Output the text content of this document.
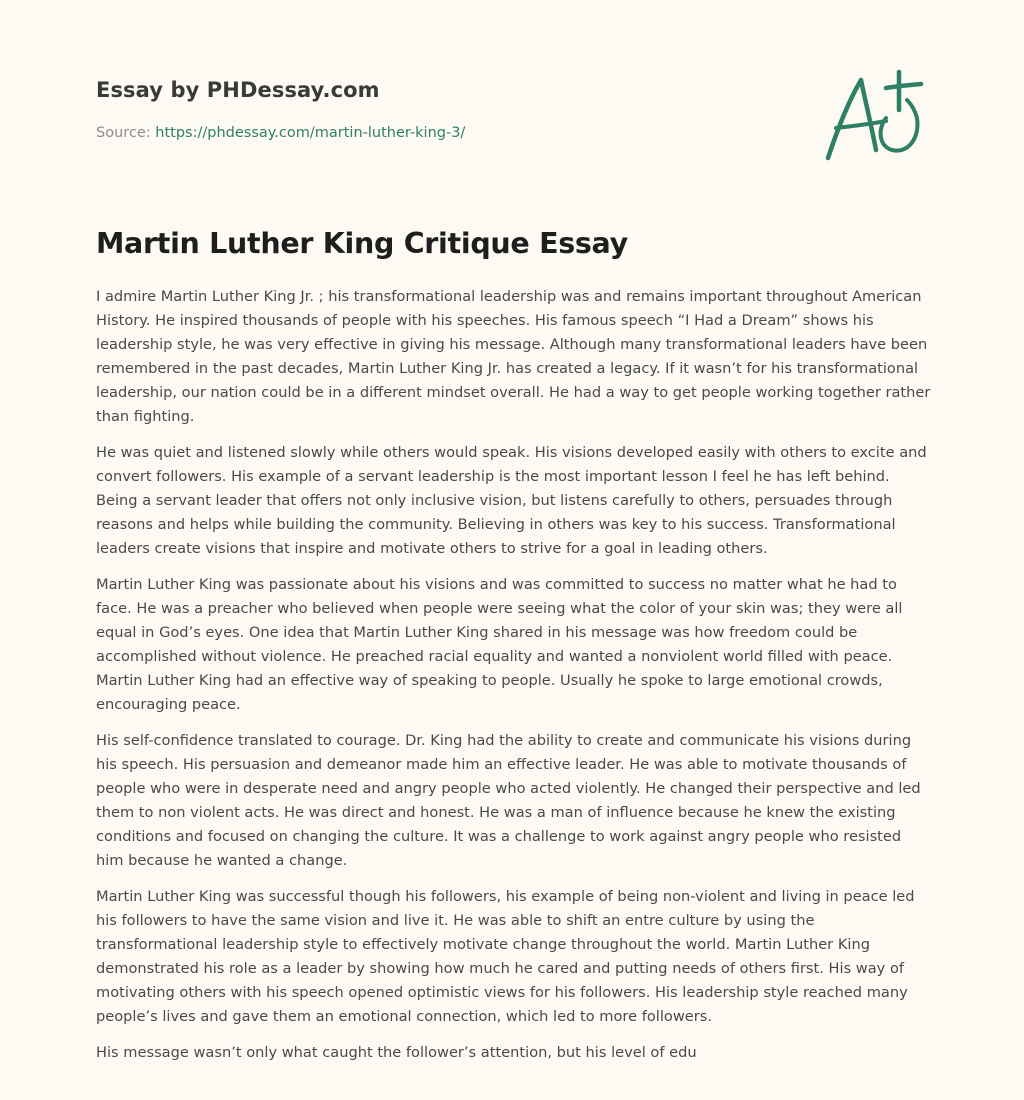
Essay by PHDessay.com
Source: https://phdessay.com/martin-luther-king-3/
Martin Luther King Critique Essay

I admire Martin Luther King Jr. ; his transformational leadership was and remains important throughout American History. He inspired thousands of people with his speeches. His famous speech “I Had a Dream” shows his leadership style, he was very effective in giving his message. Although many transformational leaders have been remembered in the past decades, Martin Luther King Jr. has created a legacy. If it wasn’t for his transformational leadership, our nation could be in a different mindset overall. He had a way to get people working together rather than fighting.

He was quiet and listened slowly while others would speak. His visions developed easily with others to excite and convert followers. His example of a servant leadership is the most important lesson I feel he has left behind. Being a servant leader that offers not only inclusive vision, but listens carefully to others, persuades through reasons and helps while building the community. Believing in others was key to his success. Transformational leaders create visions that inspire and motivate others to strive for a goal in leading others.

Martin Luther King was passionate about his visions and was committed to success no matter what he had to face. He was a preacher who believed when people were seeing what the color of your skin was; they were all equal in God’s eyes. One idea that Martin Luther King shared in his message was how freedom could be accomplished without violence. He preached racial equality and wanted a nonviolent world filled with peace. Martin Luther King had an effective way of speaking to people. Usually he spoke to large emotional crowds, encouraging peace.

His self-confidence translated to courage. Dr. King had the ability to create and communicate his visions during his speech. His persuasion and demeanor made him an effective leader. He was able to motivate thousands of people who were in desperate need and angry people who acted violently. He changed their perspective and led them to non violent acts. He was direct and honest. He was a man of influence because he knew the existing conditions and focused on changing the culture. It was a challenge to work against angry people who resisted him because he wanted a change.

Martin Luther King was successful though his followers, his example of being non-violent and living in peace led his followers to have the same vision and live it. He was able to shift an entre culture by using the transformational leadership style to effectively motivate change throughout the world. Martin Luther King demonstrated his role as a leader by showing how much he cared and putting needs of others first. His way of motivating others with his speech opened optimistic views for his followers. His leadership style reached many people’s lives and gave them an emotional connection, which led to more followers.

His message wasn’t only what caught the follower’s attention, but his level of edu
